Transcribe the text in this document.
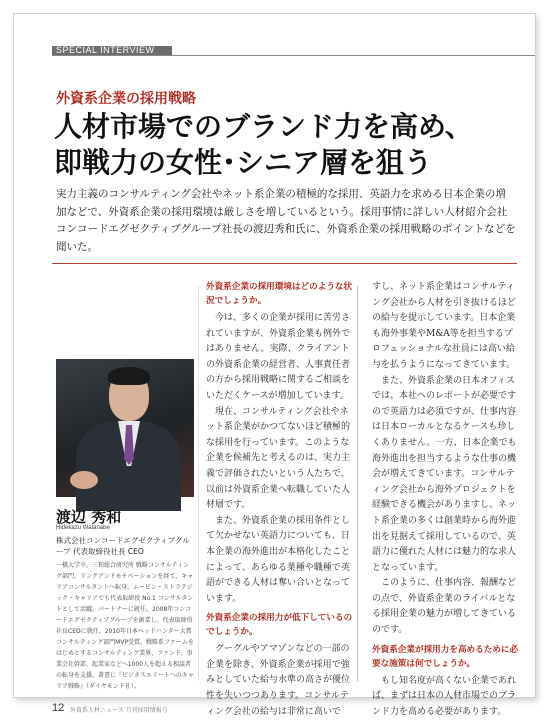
SPECIAL INTERVIEW
外資系企業の採用戦略
人材市場でのブランド力を高め、
即戦力の女性･シニア層を狙う
実力主義のコンサルティング会社やネット系企業の積極的な採用、英語力を求める日本企業の増加などで、外資系企業の採用環境は厳しさを増しているという。採用事情に詳しい人材紹介会社コンコードエグゼクティブグループ社長の渡辺秀和氏に、外資系企業の採用戦略のポイントなどを聞いた。
渡辺 秀和
Hidekazu Watanabe
株式会社コンコードエグゼクティブグループ 代表取締役社長 CEO
一橋大学卒。三和総合研究所 戦略コンサルティング部門、リンクアンドモチベーションを経て、キャリアコンサルタントへ転身。ムービン・ストラテジック・キャリアでも代表取締役 No.1 コンサルタントとして活躍。パートナーに就任。2008年コンコードエグゼクティブグループを創業し、代表取締役社長CEOに就任。2010年日本ヘッドハンター大賞コンサルティング部門MVP受賞。戦略系ファームをはじめとするコンサルティング業界、ファンド、事業会社幹部、起業家などへ1000人を超える相談者の転身を支援。著書に『ビジネスエリートへのキャリア戦略』（ダイヤモンド社）。

外資系企業の採用環境はどのような状況でしょうか。

今は、多くの企業が採用に苦労されていますが、外資系企業も例外ではありません。実際、クライアントの外資系企業の経営者、人事責任者の方から採用戦略に関するご相談をいただくケースが増加しています。

現在、コンサルティング会社やネット系企業がかつてないほど積極的な採用を行っています。このような企業を候補先と考えるのは、実力主義で評価されたいという人たちで、以前は外資系企業へ転職していた人材層です。

また、外資系企業の採用条件として欠かせない英語力についても、日本企業の海外進出が本格化したことによって、あらゆる業種や職種で英語ができる人材は奪い合いとなっています。

外資系企業の採用力が低下しているのでしょうか。

グーグルやアマゾンなどの一部の企業を除き、外資系企業が採用で強みとしていた給与水準の高さが優位性を失いつつあります。コンサルティング会社の給与は非常に高いで

すし、ネット系企業はコンサルティング会社から人材を引き抜けるほどの給与を提示しています。日本企業も海外事業やM&A等を担当するプロフェッショナルな社員には高い給与を払うようになってきています。

また、外資系企業の日本オフィスでは、本社へのレポートが必要ですので英語力は必須ですが、仕事内容は日本ローカルとなるケースも珍しくありません。一方、日本企業でも海外進出を担当するような仕事の機会が増えてきています。コンサルティング会社から海外プロジェクトを経験できる機会がありますし、ネット系企業の多くは創業時から海外進出を見据えて採用しているので、英語力に優れた人材には魅力的な求人となっています。

このように、仕事内容、報酬などの点で、外資系企業のライバルとなる採用企業の魅力が増してきているのです。

外資系企業が採用力を高めるために必要な施策は何でしょうか。

もし知名度が高くない企業であれば、まずは日本の人材市場でのブランド力を高める必要があります。

12 外資系人材ニュース 月刊採用情報号
